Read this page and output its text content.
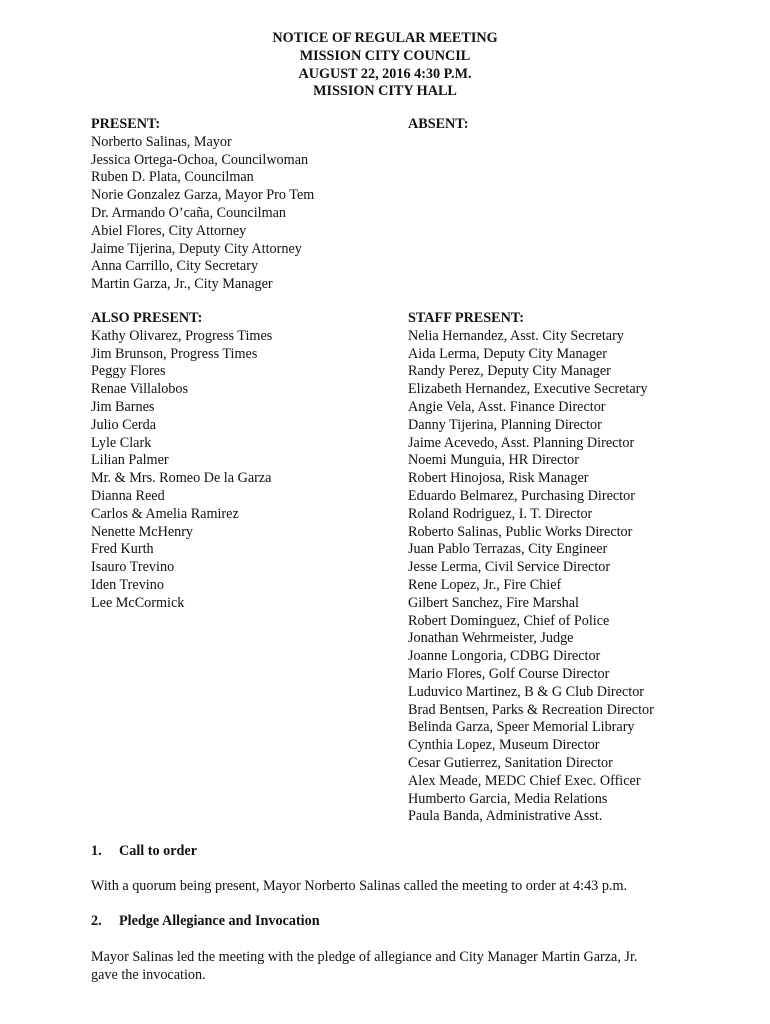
NOTICE OF REGULAR MEETING
MISSION CITY COUNCIL
AUGUST 22, 2016 4:30 P.M.
MISSION CITY HALL
PRESENT:
Norberto Salinas, Mayor
Jessica Ortega-Ochoa, Councilwoman
Ruben D. Plata, Councilman
Norie Gonzalez Garza, Mayor Pro Tem
Dr. Armando O’caña, Councilman
Abiel Flores, City Attorney
Jaime Tijerina, Deputy City Attorney
Anna Carrillo, City Secretary
Martin Garza, Jr., City Manager
ABSENT:
ALSO PRESENT:
Kathy Olivarez, Progress Times
Jim Brunson, Progress Times
Peggy Flores
Renae Villalobos
Jim Barnes
Julio Cerda
Lyle Clark
Lilian Palmer
Mr. & Mrs. Romeo De la Garza
Dianna Reed
Carlos & Amelia Ramirez
Nenette McHenry
Fred Kurth
Isauro Trevino
Iden Trevino
Lee McCormick
STAFF PRESENT:
Nelia Hernandez, Asst. City Secretary
Aida Lerma, Deputy City Manager
Randy Perez, Deputy City Manager
Elizabeth Hernandez, Executive Secretary
Angie Vela, Asst. Finance Director
Danny Tijerina, Planning Director
Jaime Acevedo, Asst. Planning Director
Noemi Munguia, HR Director
Robert Hinojosa, Risk Manager
Eduardo Belmarez, Purchasing Director
Roland Rodriguez, I. T. Director
Roberto Salinas, Public Works Director
Juan Pablo Terrazas, City Engineer
Jesse Lerma, Civil Service Director
Rene Lopez, Jr., Fire Chief
Gilbert Sanchez, Fire Marshal
Robert Dominguez, Chief of Police
Jonathan Wehrmeister, Judge
Joanne Longoria, CDBG Director
Mario Flores, Golf Course Director
Luduvico Martinez, B & G Club Director
Brad Bentsen, Parks & Recreation Director
Belinda Garza, Speer Memorial Library
Cynthia Lopez, Museum Director
Cesar Gutierrez, Sanitation Director
Alex Meade, MEDC Chief Exec. Officer
Humberto Garcia, Media Relations
Paula Banda, Administrative Asst.
1. Call to order
With a quorum being present, Mayor Norberto Salinas called the meeting to order at 4:43 p.m.
2. Pledge Allegiance and Invocation
Mayor Salinas led the meeting with the pledge of allegiance and City Manager Martin Garza, Jr.
gave the invocation.
